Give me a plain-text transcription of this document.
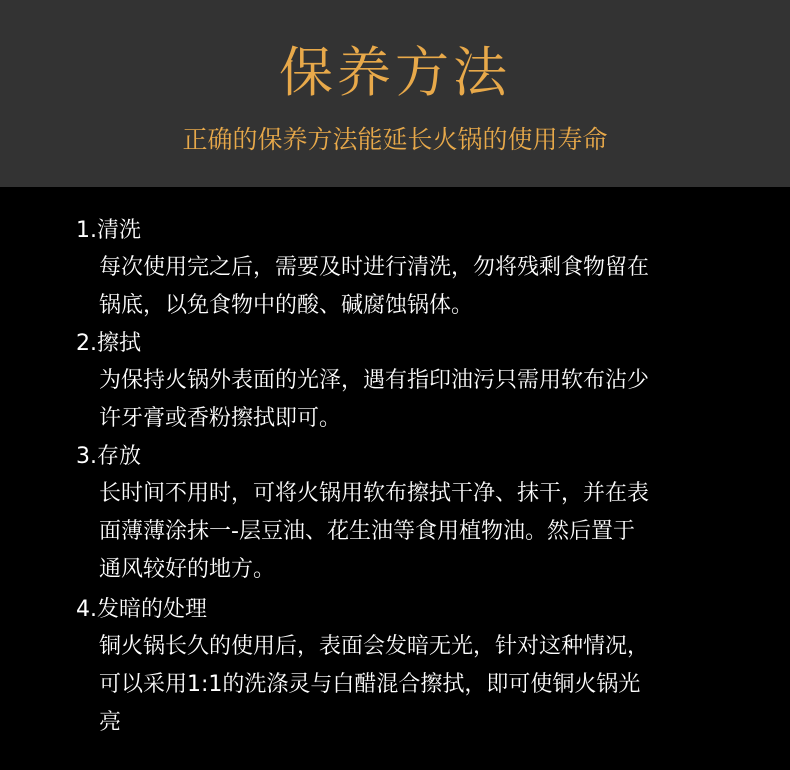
保养方法
正确的保养方法能延长火锅的使用寿命
1.清洗
每次使用完之后，需要及时进行清洗，勿将残剩食物留在
锅底，以免食物中的酸、碱腐蚀锅体。
2.擦拭
为保持火锅外表面的光泽，遇有指印油污只需用软布沾少
许牙膏或香粉擦拭即可。
3.存放
长时间不用时，可将火锅用软布擦拭干净、抹干，并在表
面薄薄涂抹一-层豆油、花生油等食用植物油。然后置于
通风较好的地方。
4.发暗的处理
铜火锅长久的使用后，表面会发暗无光，针对这种情况，
可以采用1:1的洗涤灵与白醋混合擦拭，即可使铜火锅光
亮
